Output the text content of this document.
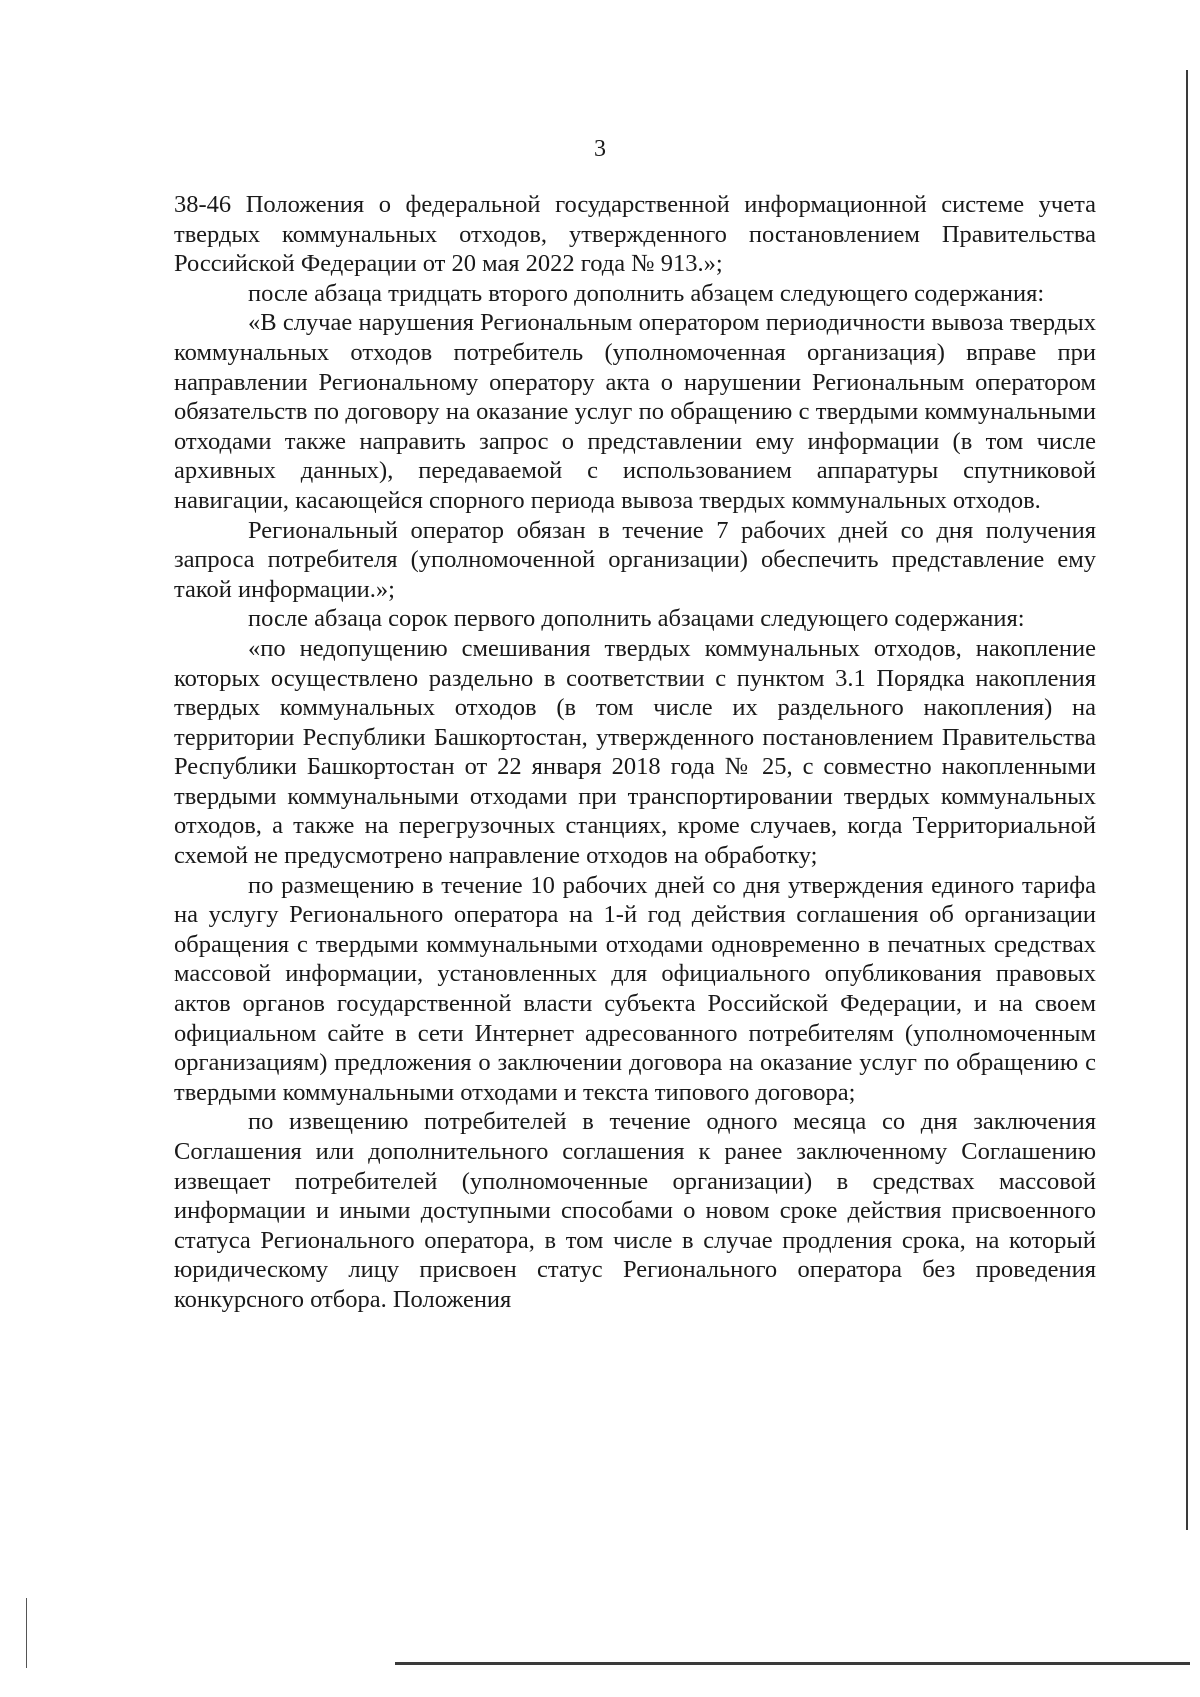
3

38-46 Положения о федеральной государственной информационной системе учета твердых коммунальных отходов, утвержденного постановлением Правительства Российской Федерации от 20 мая 2022 года № 913.»;

после абзаца тридцать второго дополнить абзацем следующего содержания:

«В случае нарушения Региональным оператором периодичности вывоза твердых коммунальных отходов потребитель (уполномоченная организация) вправе при направлении Региональному оператору акта о нарушении Региональным оператором обязательств по договору на оказание услуг по обращению с твердыми коммунальными отходами также направить запрос о представлении ему информации (в том числе архивных данных), передаваемой с использованием аппаратуры спутниковой навигации, касающейся спорного периода вывоза твердых коммунальных отходов.

Региональный оператор обязан в течение 7 рабочих дней со дня получения запроса потребителя (уполномоченной организации) обеспечить представление ему такой информации.»;

после абзаца сорок первого дополнить абзацами следующего содержания:

«по недопущению смешивания твердых коммунальных отходов, накопление которых осуществлено раздельно в соответствии с пунктом 3.1 Порядка накопления твердых коммунальных отходов (в том числе их раздельного накопления) на территории Республики Башкортостан, утвержденного постановлением Правительства Республики Башкортостан от 22 января 2018 года № 25, с совместно накопленными твердыми коммунальными отходами при транспортировании твердых коммунальных отходов, а также на перегрузочных станциях, кроме случаев, когда Территориальной схемой не предусмотрено направление отходов на обработку;

по размещению в течение 10 рабочих дней со дня утверждения единого тарифа на услугу Регионального оператора на 1-й год действия соглашения об организации обращения с твердыми коммунальными отходами одновременно в печатных средствах массовой информации, установленных для официального опубликования правовых актов органов государственной власти субъекта Российской Федерации, и на своем официальном сайте в сети Интернет адресованного потребителям (уполномоченным организациям) предложения о заключении договора на оказание услуг по обращению с твердыми коммунальными отходами и текста типового договора;

по извещению потребителей в течение одного месяца со дня заключения Соглашения или дополнительного соглашения к ранее заключенному Соглашению извещает потребителей (уполномоченные организации) в средствах массовой информации и иными доступными способами о новом сроке действия присвоенного статуса Регионального оператора, в том числе в случае продления срока, на который юридическому лицу присвоен статус Регионального оператора без проведения конкурсного отбора. Положения
